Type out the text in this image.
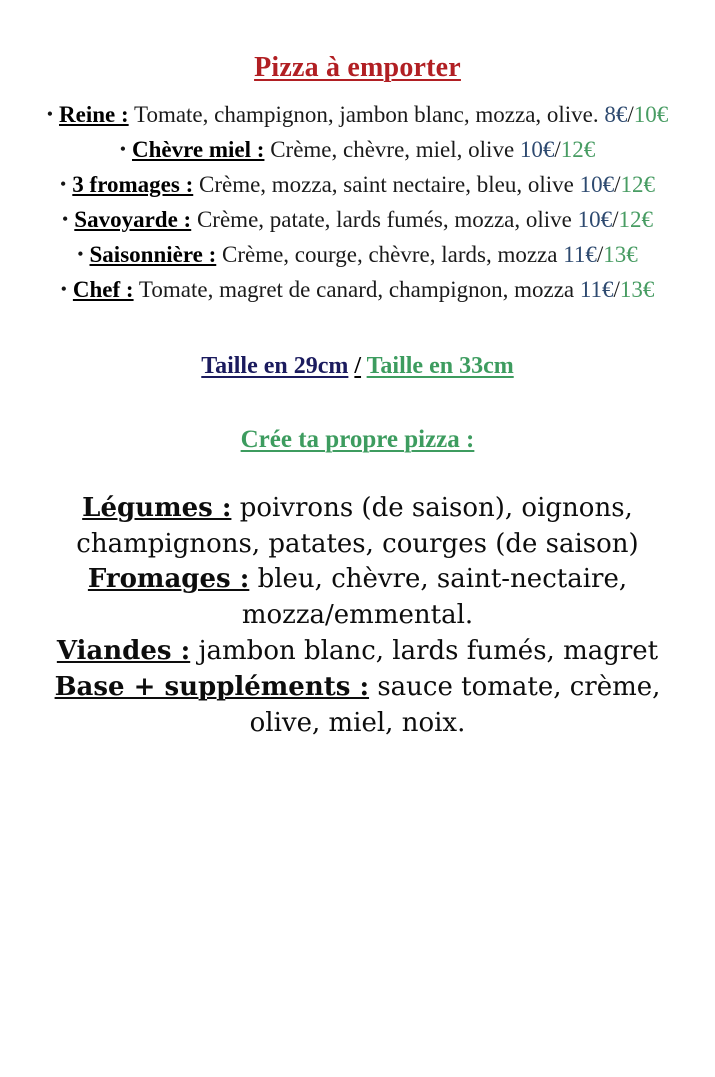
Pizza à emporter
• Reine : Tomate, champignon, jambon blanc, mozza, olive. 8€/10€
• Chèvre miel : Crème, chèvre, miel, olive 10€/12€
• 3 fromages : Crème, mozza, saint nectaire, bleu, olive 10€/12€
• Savoyarde : Crème, patate, lards fumés, mozza, olive 10€/12€
• Saisonnière : Crème, courge, chèvre, lards, mozza 11€/13€
• Chef : Tomate, magret de canard, champignon, mozza 11€/13€
Taille en 29cm / Taille en 33cm
Crée ta propre pizza :
Légumes : poivrons (de saison), oignons, champignons, patates, courges (de saison)
Fromages : bleu, chèvre, saint-nectaire, mozza/emmental.
Viandes : jambon blanc, lards fumés, magret
Base + suppléments : sauce tomate, crème, olive, miel, noix.
